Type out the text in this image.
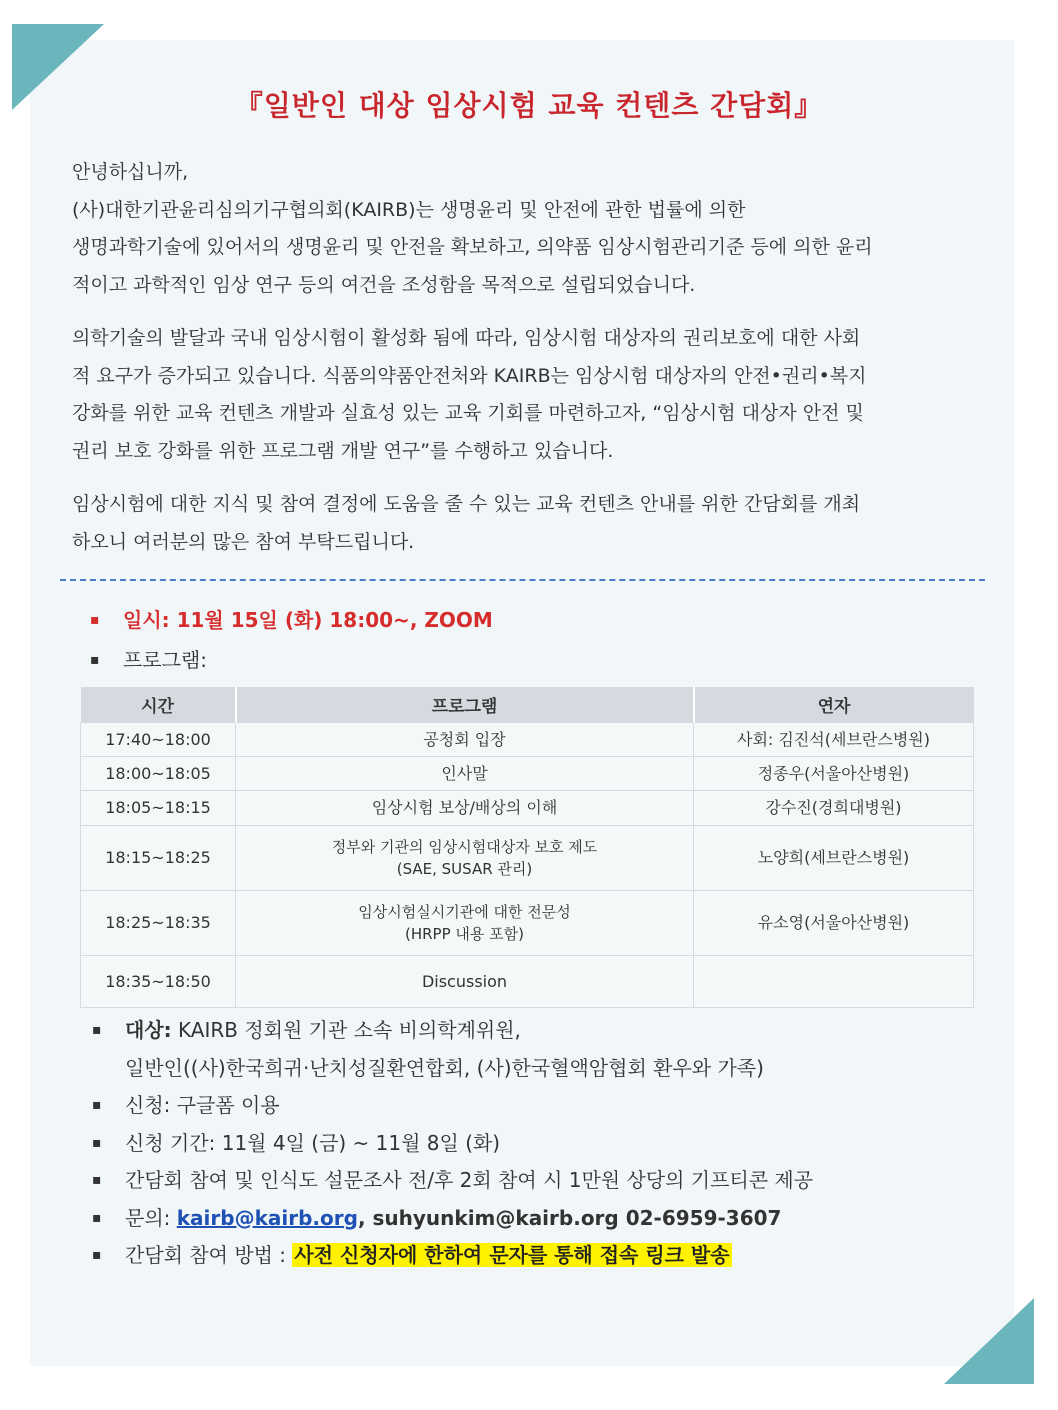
『일반인 대상 임상시험 교육 컨텐츠 간담회』

안녕하십니까,
(사)대한기관윤리심의기구협의회(KAIRB)는 생명윤리 및 안전에 관한 법률에 의한
생명과학기술에 있어서의 생명윤리 및 안전을 확보하고, 의약품 임상시험관리기준 등에 의한 윤리
적이고 과학적인 임상 연구 등의 여건을 조성함을 목적으로 설립되었습니다.

의학기술의 발달과 국내 임상시험이 활성화 됨에 따라, 임상시험 대상자의 권리보호에 대한 사회
적 요구가 증가되고 있습니다. 식품의약품안전처와 KAIRB는 임상시험 대상자의 안전•권리•복지
강화를 위한 교육 컨텐츠 개발과 실효성 있는 교육 기회를 마련하고자, “임상시험 대상자 안전 및
권리 보호 강화를 위한 프로그램 개발 연구”를 수행하고 있습니다.

임상시험에 대한 지식 및 참여 결정에 도움을 줄 수 있는 교육 컨텐츠 안내를 위한 간담회를 개최
하오니 여러분의 많은 참여 부탁드립니다.

▪	일시: 11월 15일 (화) 18:00~, ZOOM
▪	프로그램:
시간	프로그램	연자
17:40~18:00	공청회 입장	사회: 김진석(세브란스병원)
18:00~18:05	인사말	정종우(서울아산병원)
18:05~18:15	임상시험 보상/배상의 이해	강수진(경희대병원)
18:15~18:25	정부와 기관의 임상시험대상자 보호 제도
(SAE, SUSAR 관리)	노양희(세브란스병원)
18:25~18:35	임상시험실시기관에 대한 전문성
(HRPP 내용 포함)	유소영(서울아산병원)
18:35~18:50	Discussion	
▪	대상: KAIRB 정회원 기관 소속 비의학계위원,
일반인((사)한국희귀·난치성질환연합회, (사)한국혈액암협회 환우와 가족)
▪	신청: 구글폼 이용
▪	신청 기간: 11월 4일 (금) ~ 11월 8일 (화)
▪	간담회 참여 및 인식도 설문조사 전/후 2회 참여 시 1만원 상당의 기프티콘 제공
▪	문의: kairb@kairb.org, suhyunkim@kairb.org 02-6959-3607
▪	간담회 참여 방법 : 사전 신청자에 한하여 문자를 통해 접속 링크 발송
